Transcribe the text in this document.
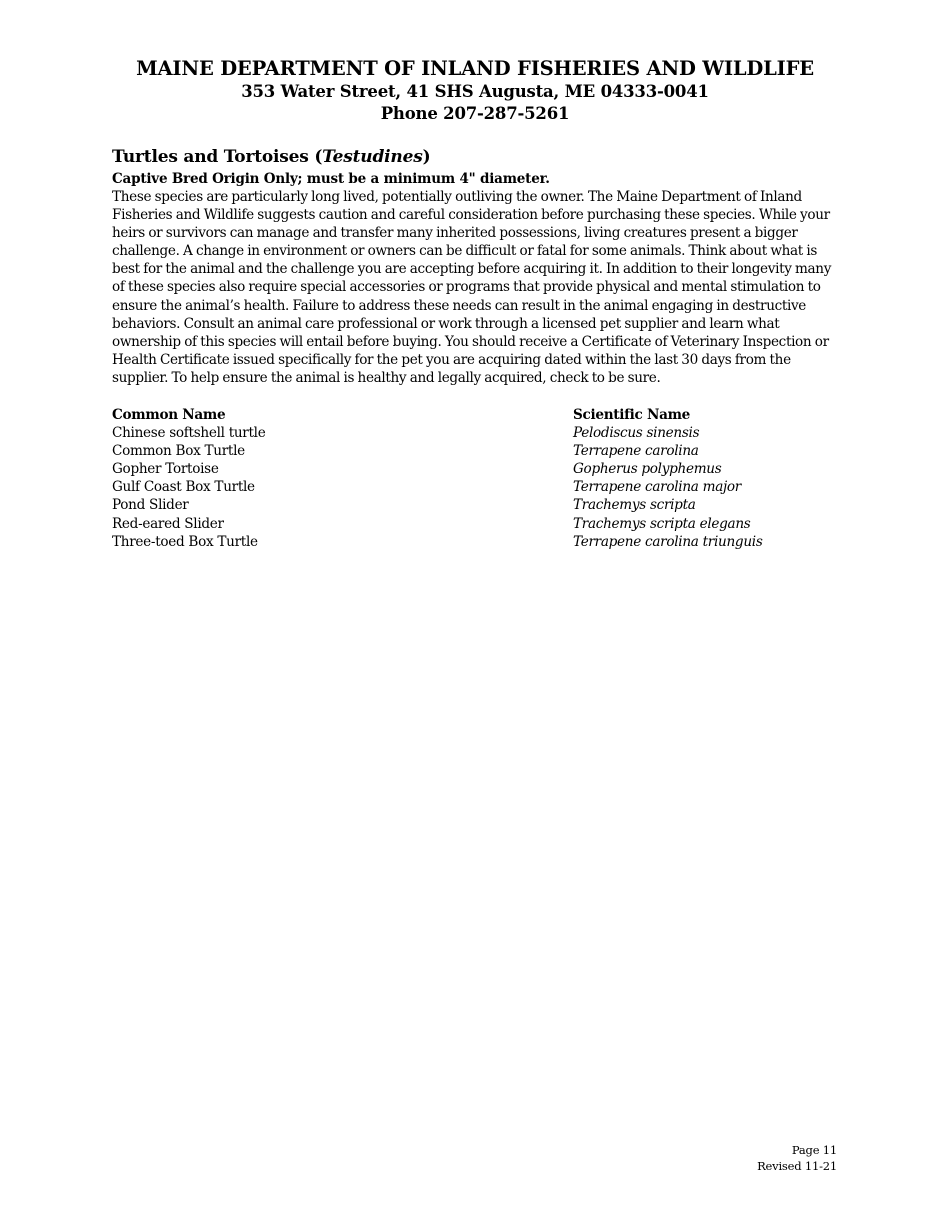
MAINE DEPARTMENT OF INLAND FISHERIES AND WILDLIFE
353 Water Street, 41 SHS Augusta, ME 04333-0041
Phone 207-287-5261
Turtles and Tortoises (Testudines)
Captive Bred Origin Only; must be a minimum 4" diameter.

These species are particularly long lived, potentially outliving the owner. The Maine Department of Inland Fisheries and Wildlife suggests caution and careful consideration before purchasing these species. While your heirs or survivors can manage and transfer many inherited possessions, living creatures present a bigger challenge. A change in environment or owners can be difficult or fatal for some animals. Think about what is best for the animal and the challenge you are accepting before acquiring it. In addition to their longevity many of these species also require special accessories or programs that provide physical and mental stimulation to ensure the animal’s health. Failure to address these needs can result in the animal engaging in destructive behaviors. Consult an animal care professional or work through a licensed pet supplier and learn what ownership of this species will entail before buying. You should receive a Certificate of Veterinary Inspection or Health Certificate issued specifically for the pet you are acquiring dated within the last 30 days from the supplier. To help ensure the animal is healthy and legally acquired, check to be sure.

Common Name	Scientific Name
Chinese softshell turtle	Pelodiscus sinensis
Common Box Turtle	Terrapene carolina
Gopher Tortoise	Gopherus polyphemus
Gulf Coast Box Turtle	Terrapene carolina major
Pond Slider	Trachemys scripta
Red-eared Slider	Trachemys scripta elegans
Three-toed Box Turtle	Terrapene carolina triunguis
Page 11
Revised 11-21
